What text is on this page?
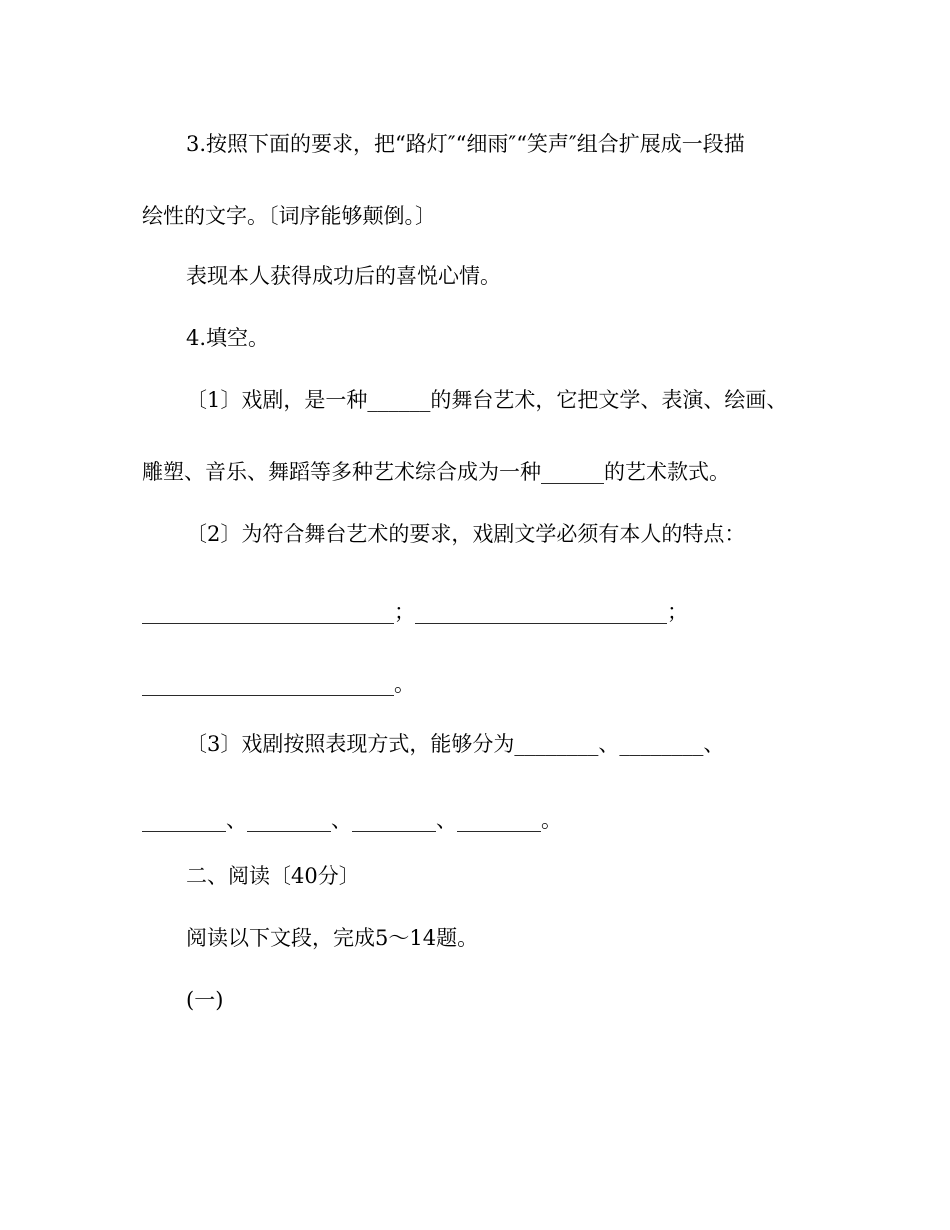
3.按照下面的要求，把“路灯″“细雨″“笑声″组合扩展成一段描
绘性的文字。〔词序能够颠倒。〕
表现本人获得成功后的喜悦心情。
4.填空。
〔1〕戏剧，是一种______的舞台艺术，它把文学、表演、绘画、
雕塑、音乐、舞蹈等多种艺术综合成为一种______的艺术款式。
〔2〕为符合舞台艺术的要求，戏剧文学必须有本人的特点：
________________________；________________________；
________________________。
〔3〕戏剧按照表现方式，能够分为________、________、
________、________、________、________。
二、阅读〔40分〕
阅读以下文段，完成5～14题。
(一)
